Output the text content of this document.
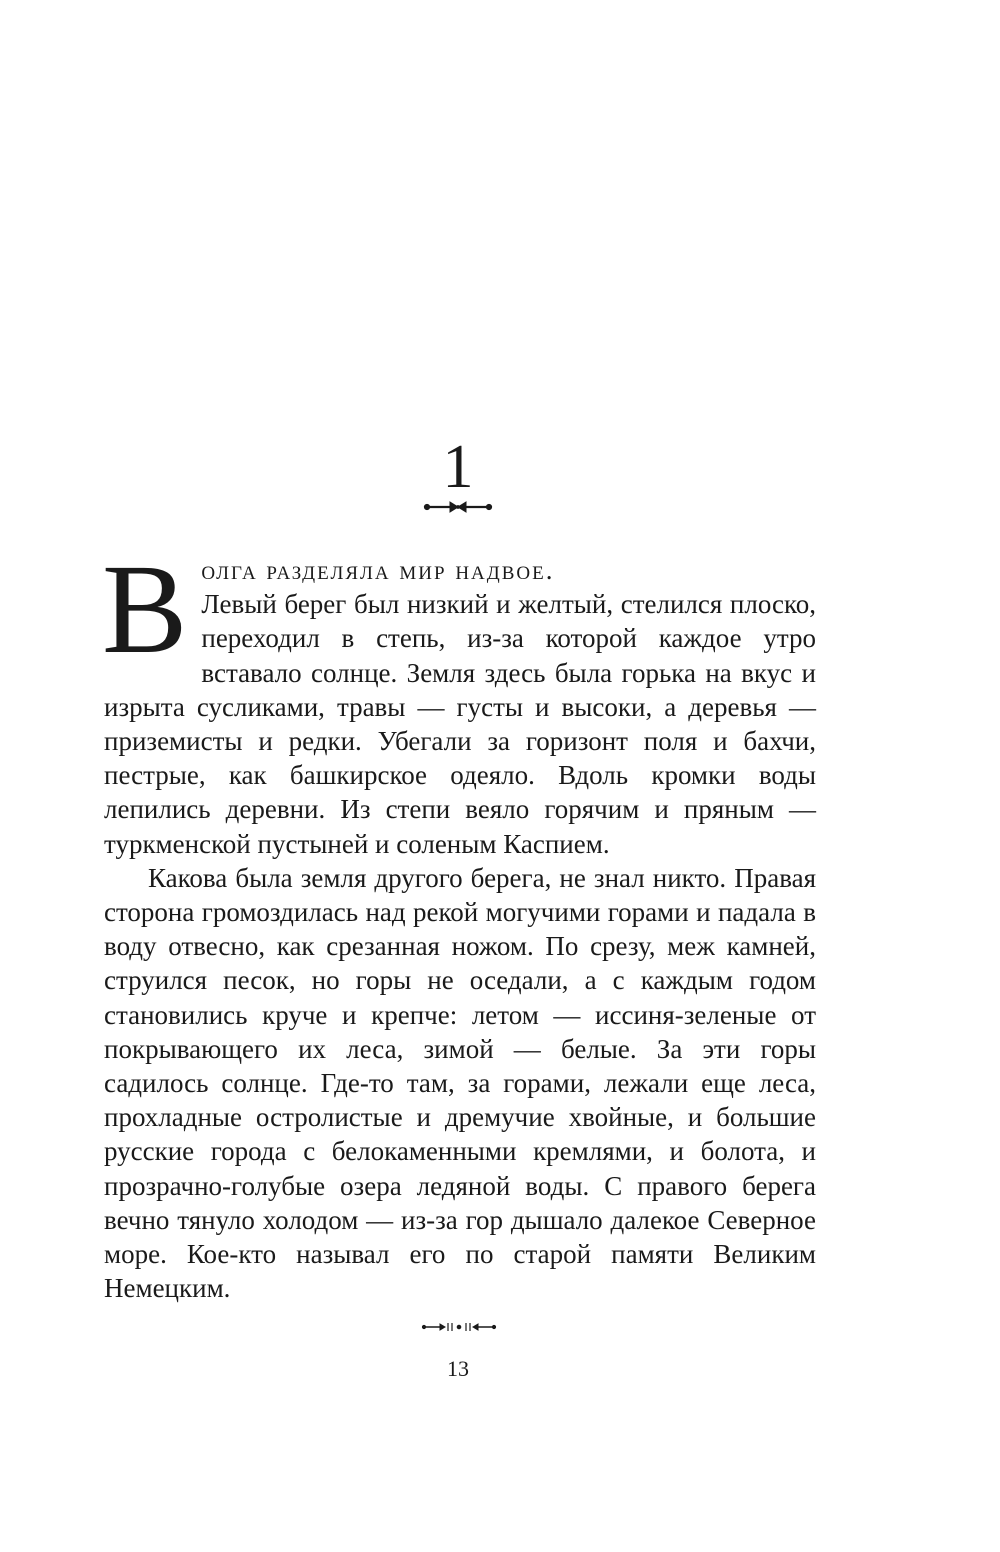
1

В олга разделяла мир надвое.
Левый берег был низкий и желтый, стелился плоско, переходил в степь, из-за которой каждое утро вставало солнце. Земля здесь была горька на вкус и изрыта сусликами, травы — густы и высоки, а деревья — приземисты и редки. Убегали за горизонт поля и бахчи, пестрые, как башкирское одеяло. Вдоль кромки воды лепились деревни. Из степи веяло горячим и пряным — туркменской пустыней и соленым Каспием.

Какова была земля другого берега, не знал никто. Правая сторона громоздилась над рекой могучими горами и падала в воду отвесно, как срезанная ножом. По срезу, меж камней, струился песок, но горы не оседали, а с каждым годом становились круче и крепче: летом — иссиня-зеленые от покрывающего их леса, зимой — белые. За эти горы садилось солнце. Где-то там, за горами, лежали еще леса, прохладные остролистые и дремучие хвойные, и большие русские города с белокаменными кремлями, и болота, и прозрачно-голубые озера ледяной воды. С правого берега вечно тянуло холодом — из-за гор дышало далекое Северное море. Кое-кто называл его по старой памяти Великим Немецким.

13
